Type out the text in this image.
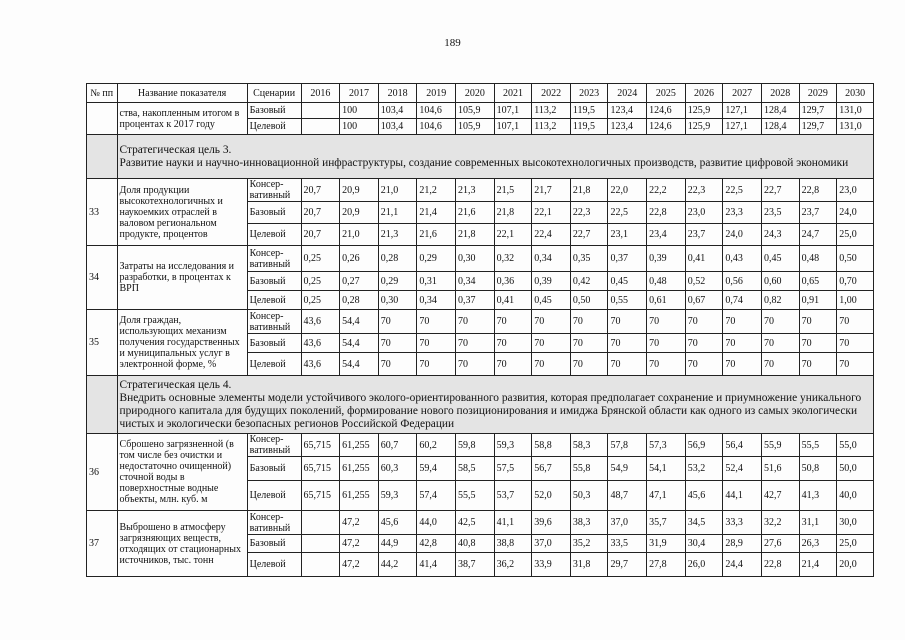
189
№ пп	Название показателя	Сценарии	2016	2017	2018	2019	2020	2021	2022	2023	2024	2025	2026	2027	2028	2029	2030
	ства, накопленным итогом в процентах к 2017 году	Базовый		100	103,4	104,6	105,9	107,1	113,2	119,5	123,4	124,6	125,9	127,1	128,4	129,7	131,0
		Целевой		100	103,4	104,6	105,9	107,1	113,2	119,5	123,4	124,6	125,9	127,1	128,4	129,7	131,0

	Стратегическая цель 3.
Развитие науки и научно-инновационной инфраструктуры, создание современных высокотехнологичных производств, развитие цифровой экономики																

33	Доля продукции высокотехнологичных и наукоемких отраслей в валовом региональном продукте, процентов	Консер-вативный	20,7	20,9	21,0	21,2	21,3	21,5	21,7	21,8	22,0	22,2	22,3	22,5	22,7	22,8	23,0
		Базовый	20,7	20,9	21,1	21,4	21,6	21,8	22,1	22,3	22,5	22,8	23,0	23,3	23,5	23,7	24,0
		Целевой	20,7	21,0	21,3	21,6	21,8	22,1	22,4	22,7	23,1	23,4	23,7	24,0	24,3	24,7	25,0
34	Затраты на исследования и разработки, в процентах к ВРП	Консер-вативный	0,25	0,26	0,28	0,29	0,30	0,32	0,34	0,35	0,37	0,39	0,41	0,43	0,45	0,48	0,50
		Базовый	0,25	0,27	0,29	0,31	0,34	0,36	0,39	0,42	0,45	0,48	0,52	0,56	0,60	0,65	0,70
		Целевой	0,25	0,28	0,30	0,34	0,37	0,41	0,45	0,50	0,55	0,61	0,67	0,74	0,82	0,91	1,00
35	Доля граждан, использующих механизм получения государственных и муниципальных услуг в электронной форме, %	Консер-вативный	43,6	54,4	70	70	70	70	70	70	70	70	70	70	70	70	70
		Базовый	43,6	54,4	70	70	70	70	70	70	70	70	70	70	70	70	70
		Целевой	43,6	54,4	70	70	70	70	70	70	70	70	70	70	70	70	70

	Стратегическая цель 4.
Внедрить основные элементы модели устойчивого эколого-ориентированного развития, которая предполагает сохранение и приумножение уникального природного капитала для будущих поколений, формирование нового позиционирования и имиджа Брянской области как одного из самых экологически чистых и экологически безопасных регионов Российской Федерации																

36	Сброшено загрязненной (в том числе без очистки и недостаточно очищенной) сточной воды в поверхностные водные объекты, млн. куб. м	Консер-вативный	65,715	61,255	60,7	60,2	59,8	59,3	58,8	58,3	57,8	57,3	56,9	56,4	55,9	55,5	55,0
		Базовый	65,715	61,255	60,3	59,4	58,5	57,5	56,7	55,8	54,9	54,1	53,2	52,4	51,6	50,8	50,0
		Целевой	65,715	61,255	59,3	57,4	55,5	53,7	52,0	50,3	48,7	47,1	45,6	44,1	42,7	41,3	40,0
37	Выброшено в атмосферу загрязняющих веществ, отходящих от стационарных источников, тыс. тонн	Консер-вативный		47,2	45,6	44,0	42,5	41,1	39,6	38,3	37,0	35,7	34,5	33,3	32,2	31,1	30,0
		Базовый		47,2	44,9	42,8	40,8	38,8	37,0	35,2	33,5	31,9	30,4	28,9	27,6	26,3	25,0
		Целевой		47,2	44,2	41,4	38,7	36,2	33,9	31,8	29,7	27,8	26,0	24,4	22,8	21,4	20,0
